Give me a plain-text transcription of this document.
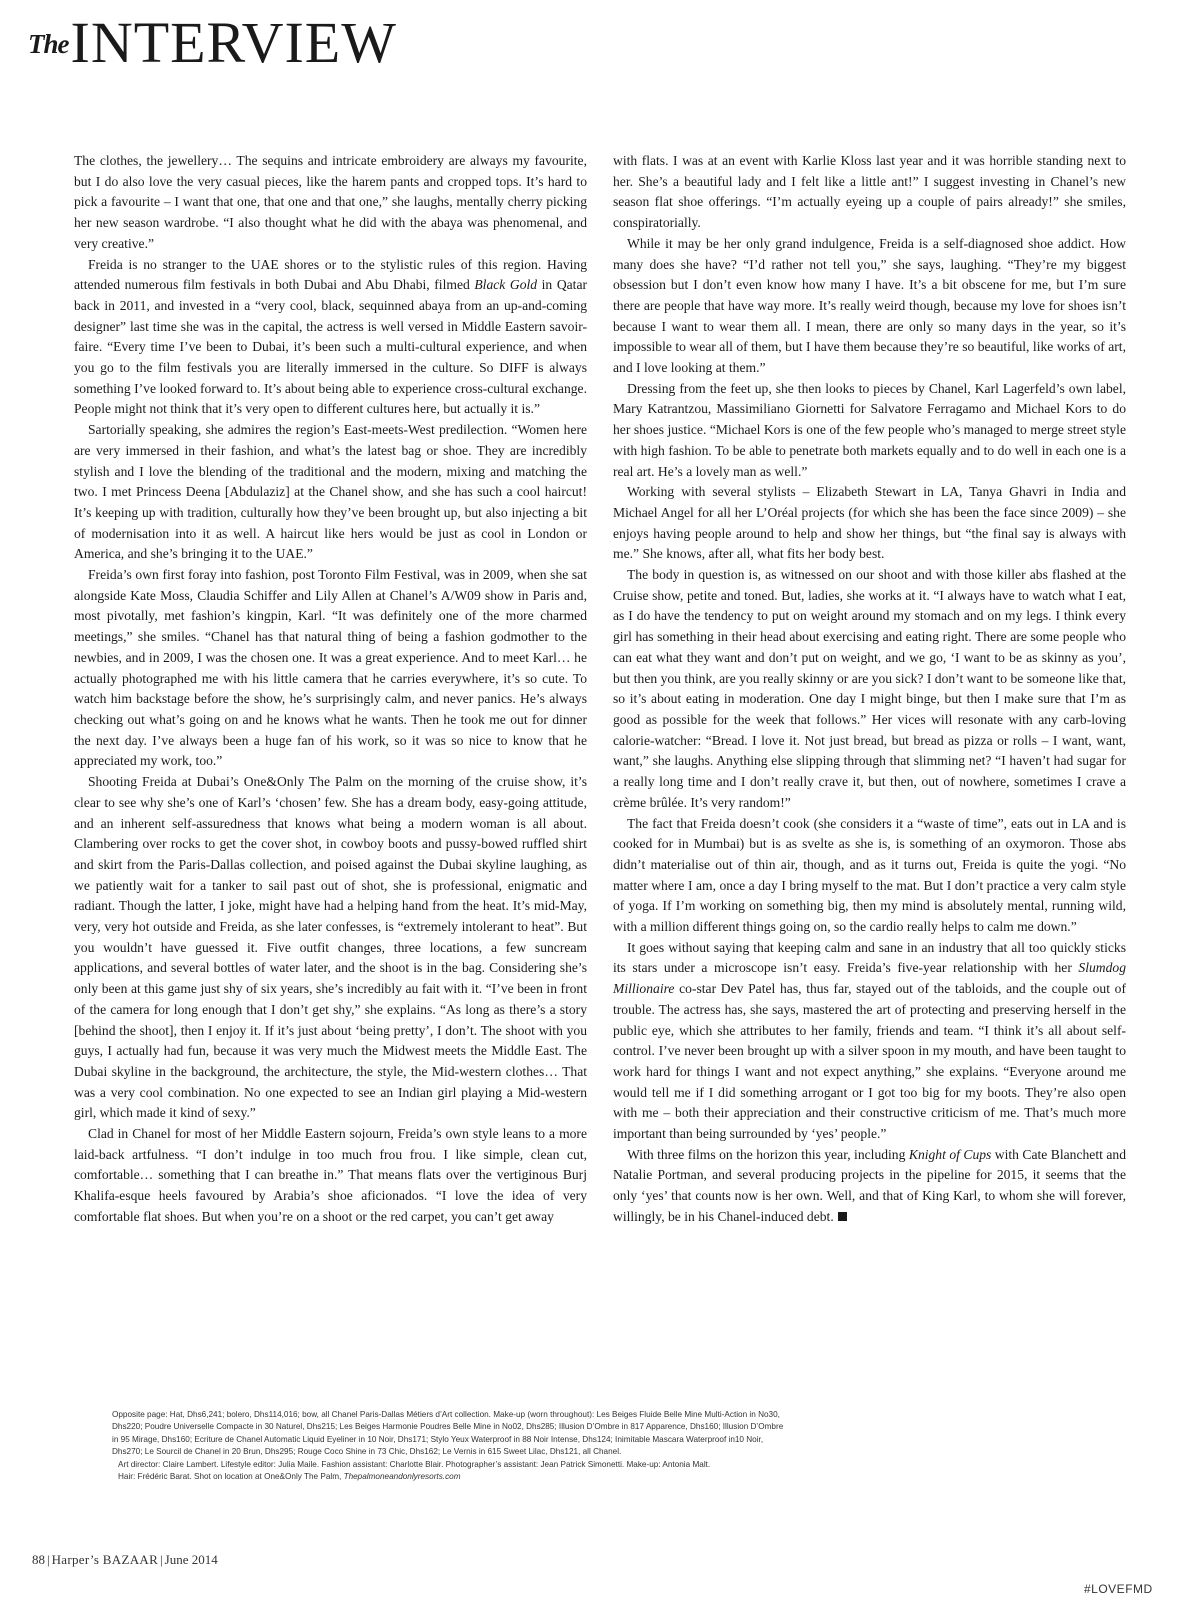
The INTERVIEW

The clothes, the jewellery… The sequins and intricate embroidery are always my favourite, but I do also love the very casual pieces, like the harem pants and cropped tops. It’s hard to pick a favourite – I want that one, that one and that one,” she laughs, mentally cherry picking her new season wardrobe. “I also thought what he did with the abaya was phenomenal, and very creative.”

Freida is no stranger to the UAE shores or to the stylistic rules of this region. Having attended numerous film festivals in both Dubai and Abu Dhabi, filmed Black Gold in Qatar back in 2011, and invested in a “very cool, black, sequinned abaya from an up-and-coming designer” last time she was in the capital, the actress is well versed in Middle Eastern savoir-faire. “Every time I’ve been to Dubai, it’s been such a multi-cultural experience, and when you go to the film festivals you are literally immersed in the culture. So DIFF is always something I’ve looked forward to. It’s about being able to experience cross-cultural exchange. People might not think that it’s very open to different cultures here, but actually it is.”

Sartorially speaking, she admires the region’s East-meets-West predilection. “Women here are very immersed in their fashion, and what’s the latest bag or shoe. They are incredibly stylish and I love the blending of the traditional and the modern, mixing and matching the two. I met Princess Deena [Abdulaziz] at the Chanel show, and she has such a cool haircut! It’s keeping up with tradition, culturally how they’ve been brought up, but also injecting a bit of modernisation into it as well. A haircut like hers would be just as cool in London or America, and she’s bringing it to the UAE.”

Freida’s own first foray into fashion, post Toronto Film Festival, was in 2009, when she sat alongside Kate Moss, Claudia Schiffer and Lily Allen at Chanel’s A/W09 show in Paris and, most pivotally, met fashion’s kingpin, Karl. “It was definitely one of the more charmed meetings,” she smiles. “Chanel has that natural thing of being a fashion godmother to the newbies, and in 2009, I was the chosen one. It was a great experience. And to meet Karl… he actually photographed me with his little camera that he carries everywhere, it’s so cute. To watch him backstage before the show, he’s surprisingly calm, and never panics. He’s always checking out what’s going on and he knows what he wants. Then he took me out for dinner the next day. I’ve always been a huge fan of his work, so it was so nice to know that he appreciated my work, too.”

Shooting Freida at Dubai’s One&Only The Palm on the morning of the cruise show, it’s clear to see why she’s one of Karl’s ‘chosen’ few. She has a dream body, easy-going attitude, and an inherent self-assuredness that knows what being a modern woman is all about. Clambering over rocks to get the cover shot, in cowboy boots and pussy-bowed ruffled shirt and skirt from the Paris-Dallas collection, and poised against the Dubai skyline laughing, as we patiently wait for a tanker to sail past out of shot, she is professional, enigmatic and radiant. Though the latter, I joke, might have had a helping hand from the heat. It’s mid-May, very, very hot outside and Freida, as she later confesses, is “extremely intolerant to heat”. But you wouldn’t have guessed it. Five outfit changes, three locations, a few suncream applications, and several bottles of water later, and the shoot is in the bag. Considering she’s only been at this game just shy of six years, she’s incredibly au fait with it. “I’ve been in front of the camera for long enough that I don’t get shy,” she explains. “As long as there’s a story [behind the shoot], then I enjoy it. If it’s just about ‘being pretty’, I don’t. The shoot with you guys, I actually had fun, because it was very much the Midwest meets the Middle East. The Dubai skyline in the background, the architecture, the style, the Mid-western clothes… That was a very cool combination. No one expected to see an Indian girl playing a Mid-western girl, which made it kind of sexy.”

Clad in Chanel for most of her Middle Eastern sojourn, Freida’s own style leans to a more laid-back artfulness. “I don’t indulge in too much frou frou. I like simple, clean cut, comfortable… something that I can breathe in.” That means flats over the vertiginous Burj Khalifa-esque heels favoured by Arabia’s shoe aficionados. “I love the idea of very comfortable flat shoes. But when you’re on a shoot or the red carpet, you can’t get away

with flats. I was at an event with Karlie Kloss last year and it was horrible standing next to her. She’s a beautiful lady and I felt like a little ant!” I suggest investing in Chanel’s new season flat shoe offerings. “I’m actually eyeing up a couple of pairs already!” she smiles, conspiratorially.

While it may be her only grand indulgence, Freida is a self-diagnosed shoe addict. How many does she have? “I’d rather not tell you,” she says, laughing. “They’re my biggest obsession but I don’t even know how many I have. It’s a bit obscene for me, but I’m sure there are people that have way more. It’s really weird though, because my love for shoes isn’t because I want to wear them all. I mean, there are only so many days in the year, so it’s impossible to wear all of them, but I have them because they’re so beautiful, like works of art, and I love looking at them.”

Dressing from the feet up, she then looks to pieces by Chanel, Karl Lagerfeld’s own label, Mary Katrantzou, Massimiliano Giornetti for Salvatore Ferragamo and Michael Kors to do her shoes justice. “Michael Kors is one of the few people who’s managed to merge street style with high fashion. To be able to penetrate both markets equally and to do well in each one is a real art. He’s a lovely man as well.”

Working with several stylists – Elizabeth Stewart in LA, Tanya Ghavri in India and Michael Angel for all her L’Oréal projects (for which she has been the face since 2009) – she enjoys having people around to help and show her things, but “the final say is always with me.” She knows, after all, what fits her body best.

The body in question is, as witnessed on our shoot and with those killer abs flashed at the Cruise show, petite and toned. But, ladies, she works at it. “I always have to watch what I eat, as I do have the tendency to put on weight around my stomach and on my legs. I think every girl has something in their head about exercising and eating right. There are some people who can eat what they want and don’t put on weight, and we go, ‘I want to be as skinny as you’, but then you think, are you really skinny or are you sick? I don’t want to be someone like that, so it’s about eating in moderation. One day I might binge, but then I make sure that I’m as good as possible for the week that follows.” Her vices will resonate with any carb-loving calorie-watcher: “Bread. I love it. Not just bread, but bread as pizza or rolls – I want, want, want,” she laughs. Anything else slipping through that slimming net? “I haven’t had sugar for a really long time and I don’t really crave it, but then, out of nowhere, sometimes I crave a crème brûlée. It’s very random!”

The fact that Freida doesn’t cook (she considers it a “waste of time”, eats out in LA and is cooked for in Mumbai) but is as svelte as she is, is something of an oxymoron. Those abs didn’t materialise out of thin air, though, and as it turns out, Freida is quite the yogi. “No matter where I am, once a day I bring myself to the mat. But I don’t practice a very calm style of yoga. If I’m working on something big, then my mind is absolutely mental, running wild, with a million different things going on, so the cardio really helps to calm me down.”

It goes without saying that keeping calm and sane in an industry that all too quickly sticks its stars under a microscope isn’t easy. Freida’s five-year relationship with her Slumdog Millionaire co-star Dev Patel has, thus far, stayed out of the tabloids, and the couple out of trouble. The actress has, she says, mastered the art of protecting and preserving herself in the public eye, which she attributes to her family, friends and team. “I think it’s all about self-control. I’ve never been brought up with a silver spoon in my mouth, and have been taught to work hard for things I want and not expect anything,” she explains. “Everyone around me would tell me if I did something arrogant or I got too big for my boots. They’re also open with me – both their appreciation and their constructive criticism of me. That’s much more important than being surrounded by ‘yes’ people.”

With three films on the horizon this year, including Knight of Cups with Cate Blanchett and Natalie Portman, and several producing projects in the pipeline for 2015, it seems that the only ‘yes’ that counts now is her own. Well, and that of King Karl, to whom she will forever, willingly, be in his Chanel-induced debt.

Opposite page: Hat, Dhs6,241; bolero, Dhs114,016; bow, all Chanel Paris-Dallas Métiers d’Art collection. Make-up (worn throughout): Les Beiges Fluide Belle Mine Multi-Action in No30,

Dhs220; Poudre Universelle Compacte in 30 Naturel, Dhs215; Les Beiges Harmonie Poudres Belle Mine in No02, Dhs285; Illusion D’Ombre in 817 Apparence, Dhs160; Illusion D’Ombre

in 95 Mirage, Dhs160; Ecriture de Chanel Automatic Liquid Eyeliner in 10 Noir, Dhs171; Stylo Yeux Waterproof in 88 Noir Intense, Dhs124; Inimitable Mascara Waterproof in10 Noir,

Dhs270; Le Sourcil de Chanel in 20 Brun, Dhs295; Rouge Coco Shine in 73 Chic, Dhs162; Le Vernis in 615 Sweet Lilac, Dhs121, all Chanel.

Art director: Claire Lambert. Lifestyle editor: Julia Maile. Fashion assistant: Charlotte Blair. Photographer’s assistant: Jean Patrick Simonetti. Make-up: Antonia Malt.

Hair: Frédéric Barat. Shot on location at One&Only The Palm, Thepalmoneandonlyresorts.com

88 | Harper’s BAZAAR | June 2014
#LOVEFMD
